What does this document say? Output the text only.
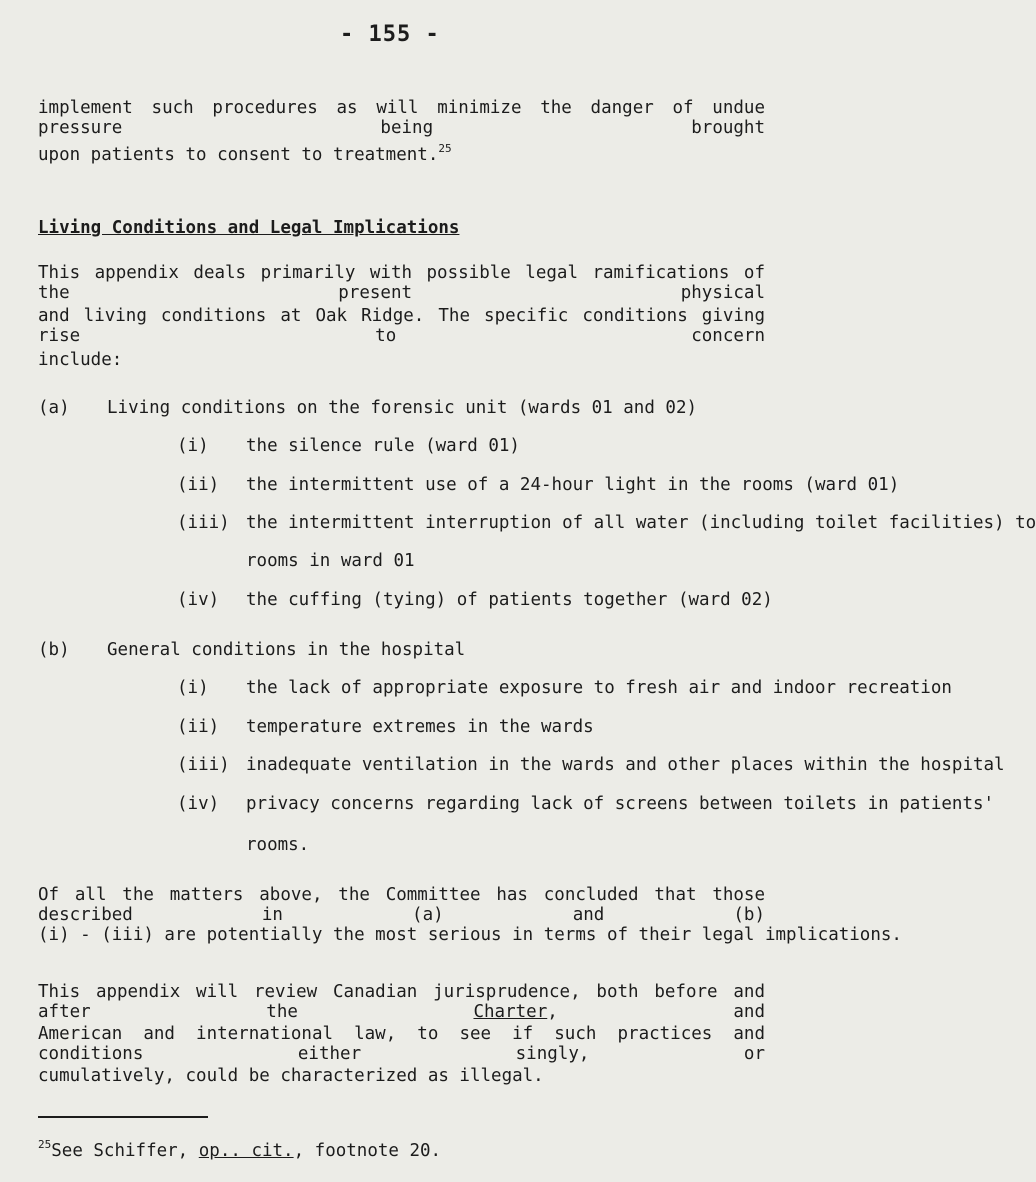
- 155 -
implement such procedures as will minimize the danger of undue pressure being brought
upon patients to consent to treatment.$^{25}$
Living Conditions and Legal Implications
This appendix deals primarily with possible legal ramifications of the present physical
and living conditions at Oak Ridge. The specific conditions giving rise to concern
include:
(a) Living conditions on the forensic unit (wards 01 and 02)
(i) the silence rule (ward 01)
(ii) the intermittent use of a 24-hour light in the rooms (ward 01)
(iii) the intermittent interruption of all water (including toilet facilities) to
rooms in ward 01
(iv) the cuffing (tying) of patients together (ward 02)
(b) General conditions in the hospital
(i) the lack of appropriate exposure to fresh air and indoor recreation
(ii) temperature extremes in the wards
(iii) inadequate ventilation in the wards and other places within the hospital
(iv) privacy concerns regarding lack of screens between toilets in patients'
rooms.
Of all the matters above, the Committee has concluded that those described in (a) and (b)
(i) - (iii) are potentially the most serious in terms of their legal implications.
This appendix will review Canadian jurisprudence, both before and after the Charter, and
American and international law, to see if such practices and conditions either singly, or
cumulatively, could be characterized as illegal.
$^{25}$See Schiffer, op.. cit., footnote 20.
